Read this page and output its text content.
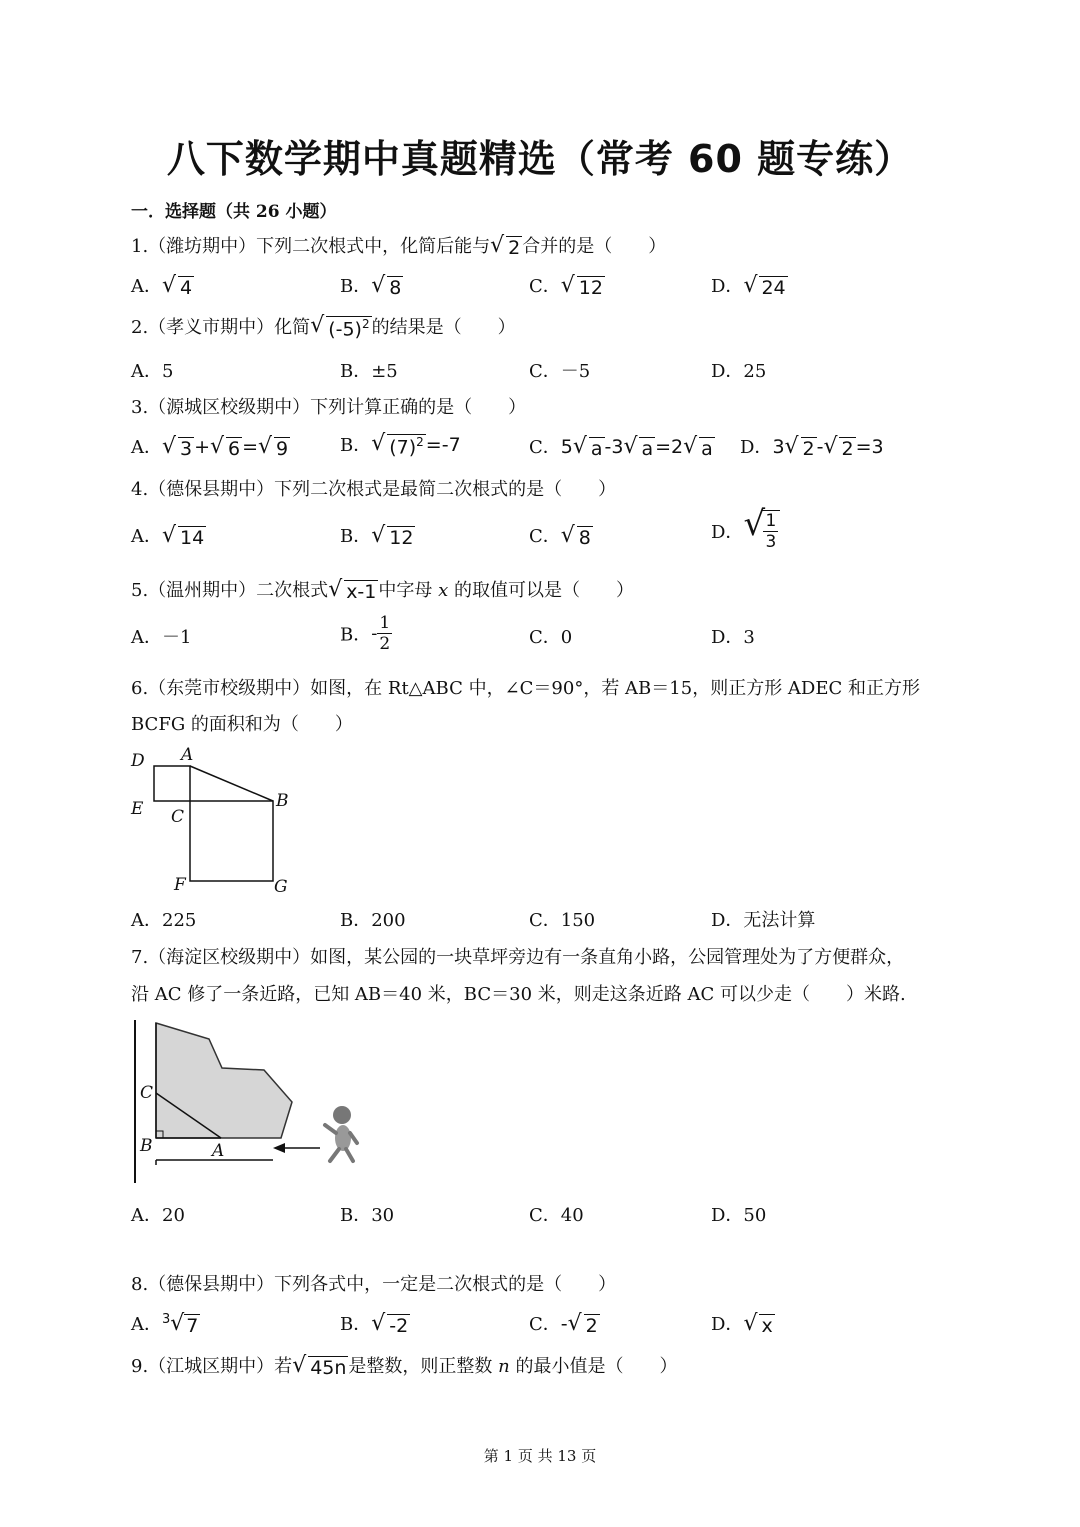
八下数学期中真题精选（常考 60 题专练）
一．选择题（共 26 小题）
1.（潍坊期中）下列二次根式中，化简后能与 √ 2 合并的是（　　）
A． √ 4	B． √ 8	C． √ 12	D． √ 24
2.（孝义市期中）化简 √ $(-5)^2$ 的结果是（　　）
A．5	B．±5	C．－5	D．25
3.（源城区校级期中）下列计算正确的是（　　）
A． √ 3 + √ 6 = √ 9	B． √ $(7)^2 =-7$	C．5 √ a -3 √ a =2 √ a D．3 √ 2 - √ 2 =3
4.（德保县期中）下列二次根式是最简二次根式的是（　　）
A． √ 14	B． √ 12	C． √ 8	D． √
$\frac{1}{3}$
5.（温州期中）二次根式 √ x-1 中字母 x 的取值可以是（　　）
A．－1	B．- $\frac{1}{2}$	C．0	D．3
6.（东莞市校级期中）如图，在 Rt△ABC 中，∠C＝90°，若 AB＝15，则正方形 ADEC 和正方形
BCFG 的面积和为（　　）
D A
E C
B
F	G
A．225	B．200	C．150	D．无法计算
7.（海淀区校级期中）如图，某公园的一块草坪旁边有一条直角小路，公园管理处为了方便群众，
沿 AC 修了一条近路，已知 AB＝40 米，BC＝30 米，则走这条近路 AC 可以少走（　　）米路.
C
B	A
A．20	B．30	C．40	D．50
8.（德保县期中）下列各式中，一定是二次根式的是（　　）
A．$^3$ √ 7	B． √ -2	C．- √ 2	D． √ x
9.（江城区期中）若 √ 45n 是整数，则正整数 n 的最小值是（　　）
第 1 页 共 13 页
